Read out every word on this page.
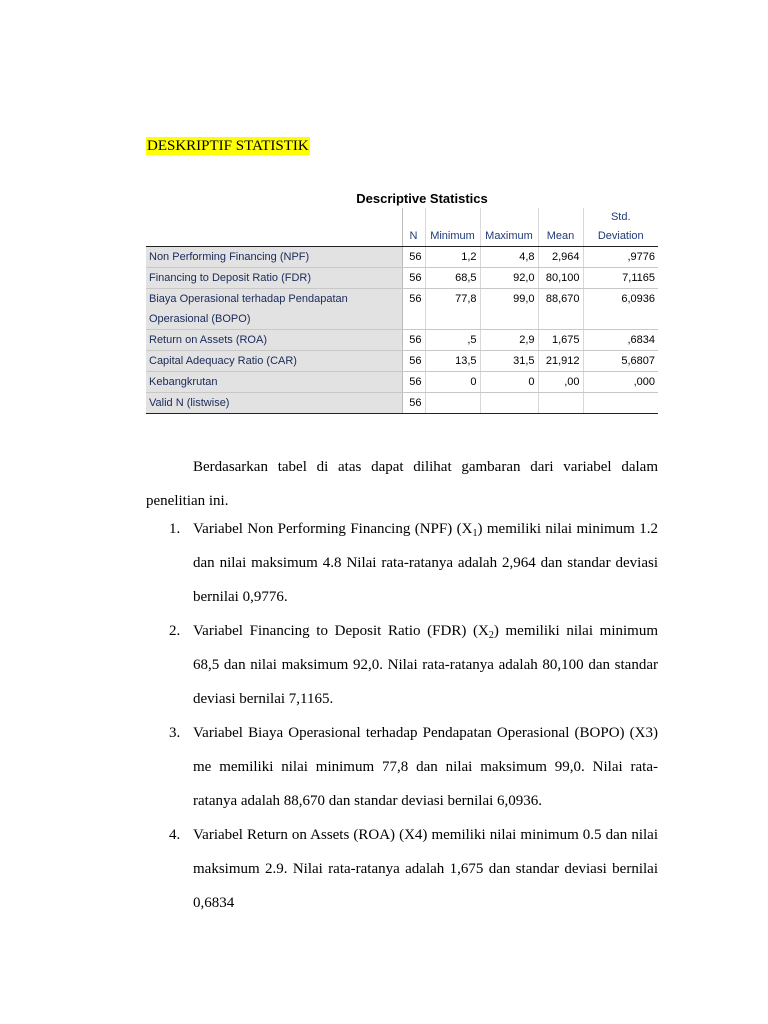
DESKRIPTIF STATISTIK
Descriptive Statistics
	N	Minimum	Maximum	Mean	Std.
Deviation

Non Performing Financing (NPF)	56	1,2	4,8	2,964	,9776
Financing to Deposit Ratio (FDR)	56	68,5	92,0	80,100	7,1165

Biaya Operasional terhadap Pendapatan
Operasional (BOPO)	56	77,8	99,0	88,670	6,0936
Return on Assets (ROA)	56	,5	2,9	1,675	,6834
Capital Adequacy Ratio (CAR)	56	13,5	31,5	21,912	5,6807
Kebangkrutan	56	0	0	,00	,000
Valid N (listwise)	56				

Berdasarkan tabel di atas dapat dilihat gambaran dari variabel dalam penelitian ini.

1. Variabel Non Performing Financing (NPF) $(X_1)$ memiliki nilai minimum 1.2 dan nilai maksimum 4.8 Nilai rata-ratanya adalah 2,964 dan standar deviasi bernilai 0,9776.
2. Variabel Financing to Deposit Ratio (FDR) $(X_2)$ memiliki nilai minimum 68,5 dan nilai maksimum 92,0. Nilai rata-ratanya adalah 80,100 dan standar deviasi bernilai 7,1165.
3. Variabel Biaya Operasional terhadap Pendapatan Operasional (BOPO) (X3) me memiliki nilai minimum 77,8 dan nilai maksimum 99,0. Nilai rata-ratanya adalah 88,670 dan standar deviasi bernilai 6,0936.
4. Variabel Return on Assets (ROA) (X4) memiliki nilai minimum 0.5 dan nilai maksimum 2.9. Nilai rata-ratanya adalah 1,675 dan standar deviasi bernilai 0,6834
